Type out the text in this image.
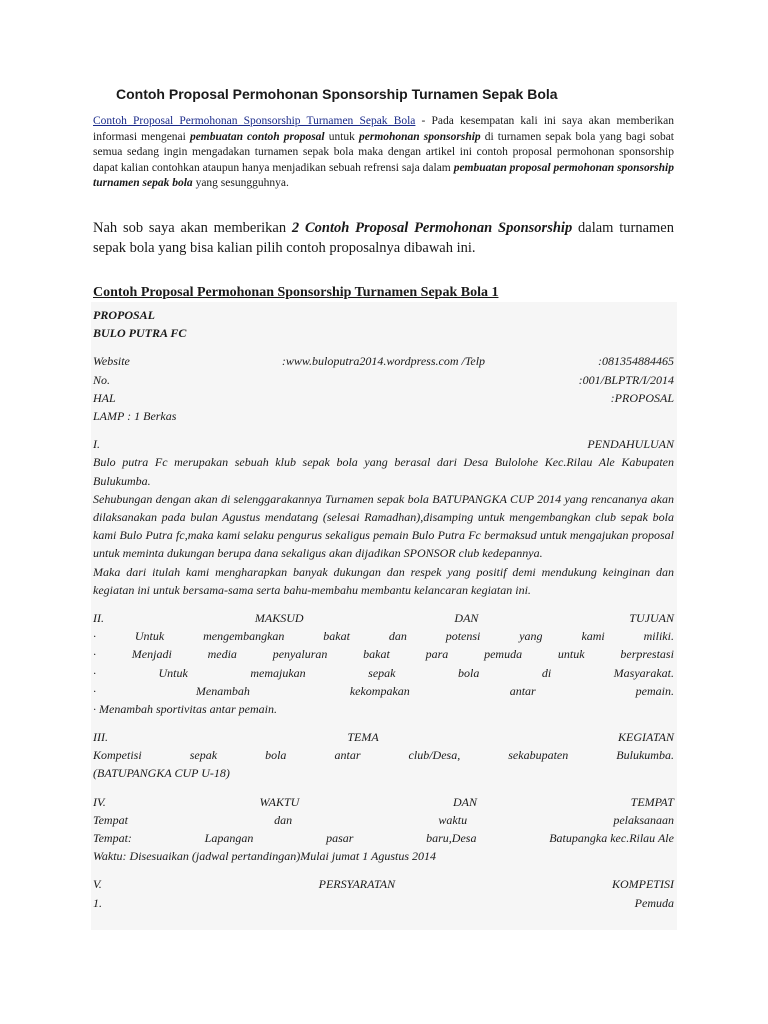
Contoh Proposal Permohonan Sponsorship Turnamen Sepak Bola
Contoh Proposal Permohonan Sponsorship Turnamen Sepak Bola - Pada kesempatan kali ini saya akan memberikan informasi mengenai pembuatan contoh proposal untuk permohonan sponsorship di turnamen sepak bola yang bagi sobat semua sedang ingin mengadakan turnamen sepak bola maka dengan artikel ini contoh proposal permohonan sponsorship dapat kalian contohkan ataupun hanya menjadikan sebuah refrensi saja dalam pembuatan proposal permohonan sponsorship turnamen sepak bola yang sesungguhnya.
Nah sob saya akan memberikan 2 Contoh Proposal Permohonan Sponsorship dalam turnamen sepak bola yang bisa kalian pilih contoh proposalnya dibawah ini.
Contoh Proposal Permohonan Sponsorship Turnamen Sepak Bola 1
PROPOSAL
BULO PUTRA FC
Website	:www.buloputra2014.wordpress.com /Telp	:081354884465
No.	:001/BLPTR/I/2014
HAL	:PROPOSAL
LAMP : 1 Berkas
I.	PENDAHULUAN
Bulo putra Fc merupakan sebuah klub sepak bola yang berasal dari Desa Bulolohe Kec.Rilau Ale Kabupaten Bulukumba.
Sehubungan dengan akan di selenggarakannya Turnamen sepak bola BATUPANGKA CUP 2014 yang rencananya akan dilaksanakan pada bulan Agustus mendatang (selesai Ramadhan),disamping untuk mengembangkan club sepak bola kami Bulo Putra fc,maka kami selaku pengurus sekaligus pemain Bulo Putra Fc bermaksud untuk mengajukan proposal untuk meminta dukungan berupa dana sekaligus akan dijadikan SPONSOR club kedepannya.
Maka dari itulah kami mengharapkan banyak dukungan dan respek yang positif demi mendukung keinginan dan kegiatan ini untuk bersama-sama serta bahu-membahu membantu kelancaran kegiatan ini.
II.	MAKSUD	DAN	TUJUAN
·	Untuk	mengembangkan	bakat	dan	potensi	yang	kami	miliki.
·	Menjadi	media	penyaluran	bakat	para	pemuda	untuk	berprestasi
·	Untuk	memajukan	sepak	bola	di	Masyarakat.
·	Menambah	kekompakan	antar	pemain.
· Menambah sportivitas antar pemain.
III.	TEMA	KEGIATAN
Kompetisi	sepak	bola	antar	club/Desa,	sekabupaten	Bulukumba.
(BATUPANGKA CUP U-18)
IV.	WAKTU	DAN	TEMPAT
Tempat	dan	waktu	pelaksanaan
Tempat:	Lapangan	pasar	baru,Desa	Batupangka kec.Rilau Ale
Waktu: Disesuaikan (jadwal pertandingan)Mulai jumat 1 Agustus 2014
V.	PERSYARATAN	KOMPETISI
1.	Pemuda
